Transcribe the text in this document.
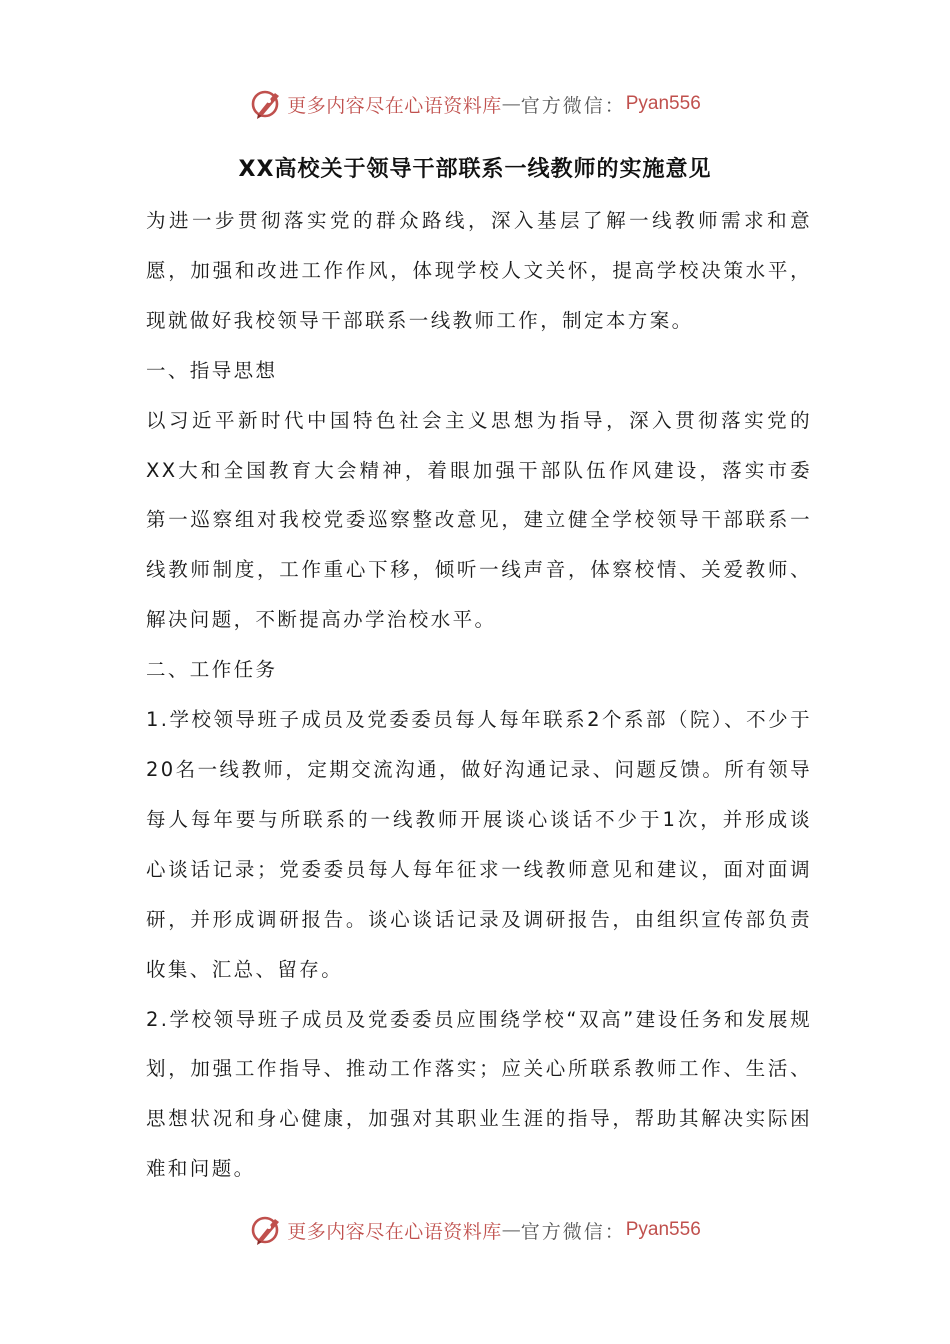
更多内容尽在心语资料库 — 官方微信： Pyan556
XX高校关于领导干部联系一线教师的实施意见

为进一步贯彻落实党的群众路线，深入基层了解一线教师需求和意愿，加强和改进工作作风，体现学校人文关怀，提高学校决策水平，现就做好我校领导干部联系一线教师工作，制定本方案。

一、指导思想

以习近平新时代中国特色社会主义思想为指导，深入贯彻落实党的XX大和全国教育大会精神，着眼加强干部队伍作风建设，落实市委第一巡察组对我校党委巡察整改意见，建立健全学校领导干部联系一线教师制度，工作重心下移，倾听一线声音，体察校情、关爱教师、解决问题，不断提高办学治校水平。

二、工作任务

1.学校领导班子成员及党委委员每人每年联系2个系部（院）、不少于20名一线教师，定期交流沟通，做好沟通记录、问题反馈。所有领导每人每年要与所联系的一线教师开展谈心谈话不少于1次，并形成谈心谈话记录；党委委员每人每年征求一线教师意见和建议，面对面调研，并形成调研报告。谈心谈话记录及调研报告，由组织宣传部负责收集、汇总、留存。

2.学校领导班子成员及党委委员应围绕学校“双高”建设任务和发展规划，加强工作指导、推动工作落实；应关心所联系教师工作、生活、思想状况和身心健康，加强对其职业生涯的指导，帮助其解决实际困难和问题。

更多内容尽在心语资料库 — 官方微信： Pyan556
